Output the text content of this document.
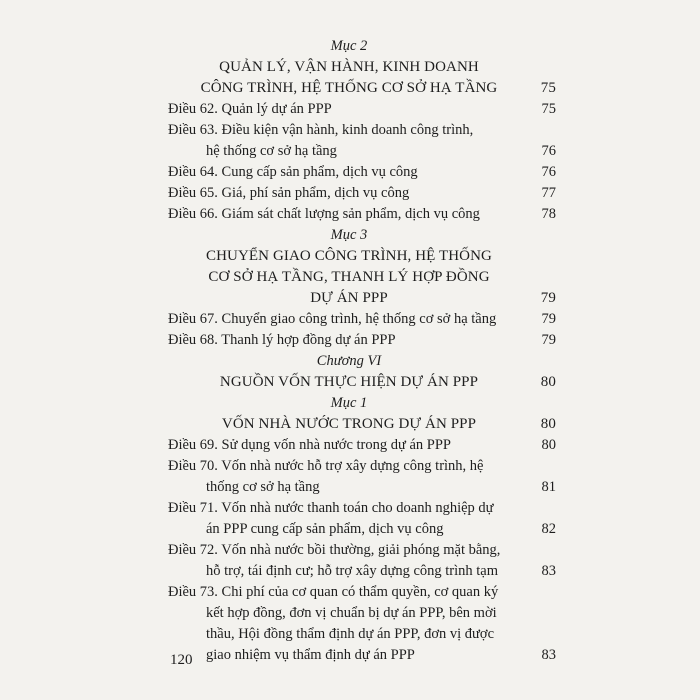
Mục 2
QUẢN LÝ, VẬN HÀNH, KINH DOANH
CÔNG TRÌNH, HỆ THỐNG CƠ SỞ HẠ TẦNG	75
Điều 62. Quản lý dự án PPP	75
Điều 63. Điều kiện vận hành, kinh doanh công trình,
hệ thống cơ sở hạ tầng	76
Điều 64. Cung cấp sản phẩm, dịch vụ công	76
Điều 65. Giá, phí sản phẩm, dịch vụ công	77
Điều 66. Giám sát chất lượng sản phẩm, dịch vụ công	78
Mục 3
CHUYỂN GIAO CÔNG TRÌNH, HỆ THỐNG
CƠ SỞ HẠ TẦNG, THANH LÝ HỢP ĐỒNG
DỰ ÁN PPP	79
Điều 67. Chuyển giao công trình, hệ thống cơ sở hạ tầng	79
Điều 68. Thanh lý hợp đồng dự án PPP	79
Chương VI
NGUỒN VỐN THỰC HIỆN DỰ ÁN PPP	80
Mục 1
VỐN NHÀ NƯỚC TRONG DỰ ÁN PPP	80
Điều 69. Sử dụng vốn nhà nước trong dự án PPP	80
Điều 70. Vốn nhà nước hỗ trợ xây dựng công trình, hệ
thống cơ sở hạ tầng	81
Điều 71. Vốn nhà nước thanh toán cho doanh nghiệp dự
án PPP cung cấp sản phẩm, dịch vụ công	82
Điều 72. Vốn nhà nước bồi thường, giải phóng mặt bằng,
hỗ trợ, tái định cư; hỗ trợ xây dựng công trình tạm	83
Điều 73. Chi phí của cơ quan có thẩm quyền, cơ quan ký
kết hợp đồng, đơn vị chuẩn bị dự án PPP, bên mời
thầu, Hội đồng thẩm định dự án PPP, đơn vị được
giao nhiệm vụ thẩm định dự án PPP	83
120
